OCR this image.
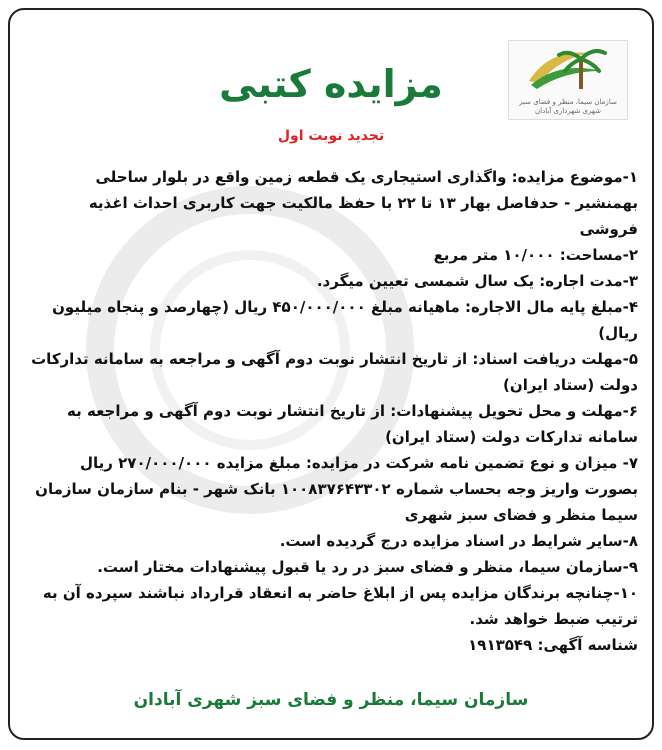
سازمان سیما، منظر و فضای سبز شهری شهرداری آبادان
مزایده کتبی
تجدید نوبت اول

۱-موضوع مزایده: واگذاری استیجاری یک قطعه زمین واقع در بلوار ساحلی بهمنشیر - حدفاصل بهار ۱۳ تا ۲۲ با حفظ مالکیت جهت کاربری احداث اغذیه فروشی

۲-مساحت: ۱۰/۰۰۰ متر مربع

۳-مدت اجاره: یک سال شمسی تعیین میگرد.

۴-مبلغ پایه مال الاجاره: ماهیانه مبلغ ۴۵۰/۰۰۰/۰۰۰ ریال (چهارصد و پنجاه میلیون ریال)

۵-مهلت دریافت اسناد: از تاریخ انتشار نوبت دوم آگهی و مراجعه به سامانه تدارکات دولت (ستاد ایران)

۶-مهلت و محل تحویل پیشنهادات: از تاریخ انتشار نوبت دوم آگهی و مراجعه به سامانه تدارکات دولت (ستاد ایران)

۷- میزان و نوع تضمین نامه شرکت در مزایده: مبلغ مزایده ۲۷۰/۰۰۰/۰۰۰ ریال بصورت واریز وجه بحساب شماره ۱۰۰۸۳۷۶۴۳۳۰۲ بانک شهر - بنام سازمان سازمان سیما منظر و فضای سبز شهری

۸-سایر شرایط در اسناد مزایده درج گردیده است.

۹-سازمان سیما، منظر و فضای سبز در رد یا قبول پیشنهادات مختار است.

۱۰-چنانچه برندگان مزایده پس از ابلاغ حاضر به انعقاد قرارداد نباشند سپرده آن به ترتیب ضبط خواهد شد.

شناسه آگهی: ۱۹۱۳۵۴۹

سازمان سیما، منظر و فضای سبز شهری آبادان
